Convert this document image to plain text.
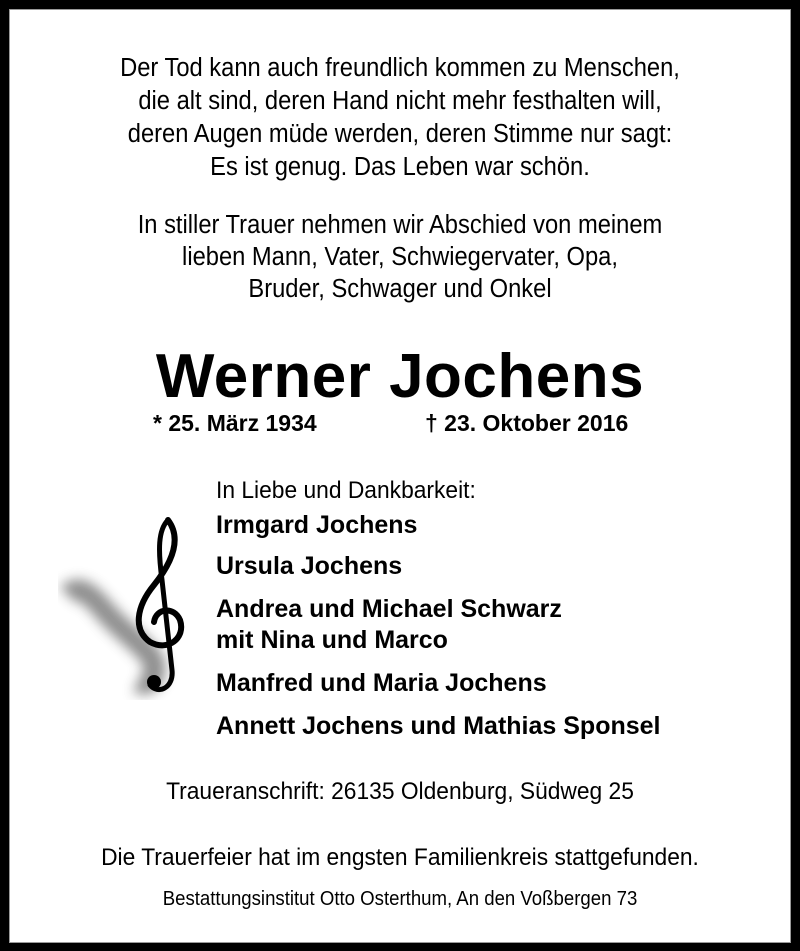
Der Tod kann auch freundlich kommen zu Menschen,
die alt sind, deren Hand nicht mehr festhalten will,
deren Augen müde werden, deren Stimme nur sagt:
Es ist genug. Das Leben war schön.
In stiller Trauer nehmen wir Abschied von meinem
lieben Mann, Vater, Schwiegervater, Opa,
Bruder, Schwager und Onkel
Werner Jochens
* 25. März 1934	† 23. Oktober 2016
In Liebe und Dankbarkeit:
Irmgard Jochens
Ursula Jochens
Andrea und Michael Schwarz
mit Nina und Marco
Manfred und Maria Jochens
Annett Jochens und Mathias Sponsel
Traueranschrift: 26135 Oldenburg, Südweg 25
Die Trauerfeier hat im engsten Familienkreis stattgefunden.
Bestattungsinstitut Otto Osterthum, An den Voßbergen 73
